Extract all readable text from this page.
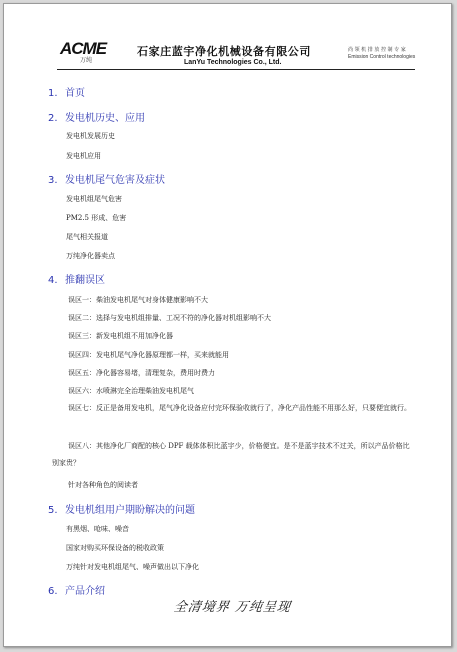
ACME
万纯
石家庄蓝宇净化机械设备有限公司
LanYu Technologies Co., Ltd.
尚 领 机 排 放 控 制 专 家
Emission Control technologies
1. 首页
2. 发电机历史、应用
发电机发展历史
发电机应用
3. 发电机尾气危害及症状
发电机组尾气危害
PM2.5 形成、危害
尾气相关报道
万纯净化器卖点
4. 推翻误区
误区一：柴油发电机尾气对身体健康影响不大
误区二：选择与发电机组排量、工况不符的净化器对机组影响不大
误区三：新发电机组不用加净化器
误区四：发电机尾气净化器原理都一样，买来就能用
误区五：净化器容易堵，清理复杂，费用时费力
误区六：水喷淋完全治理柴油发电机尾气
误区七：反正是备用发电机，尾气净化设备应付完环保验收就行了，净化产品性能不用那么好，只要便宜就行。
误区八：其他净化厂商配的核心 DPF 载体体积比蓝宇少，价格便宜。是不是蓝宇技术不过关，所以产品价格比别家贵？
针对各种角色的阅读者
5. 发电机组用户期盼解决的问题
有黑烟、呛味、噪音
国家对购买环保设备的税收政策
万纯针对发电机组尾气、噪声做出以下净化
6. 产品介绍
全清境界 万纯呈现
